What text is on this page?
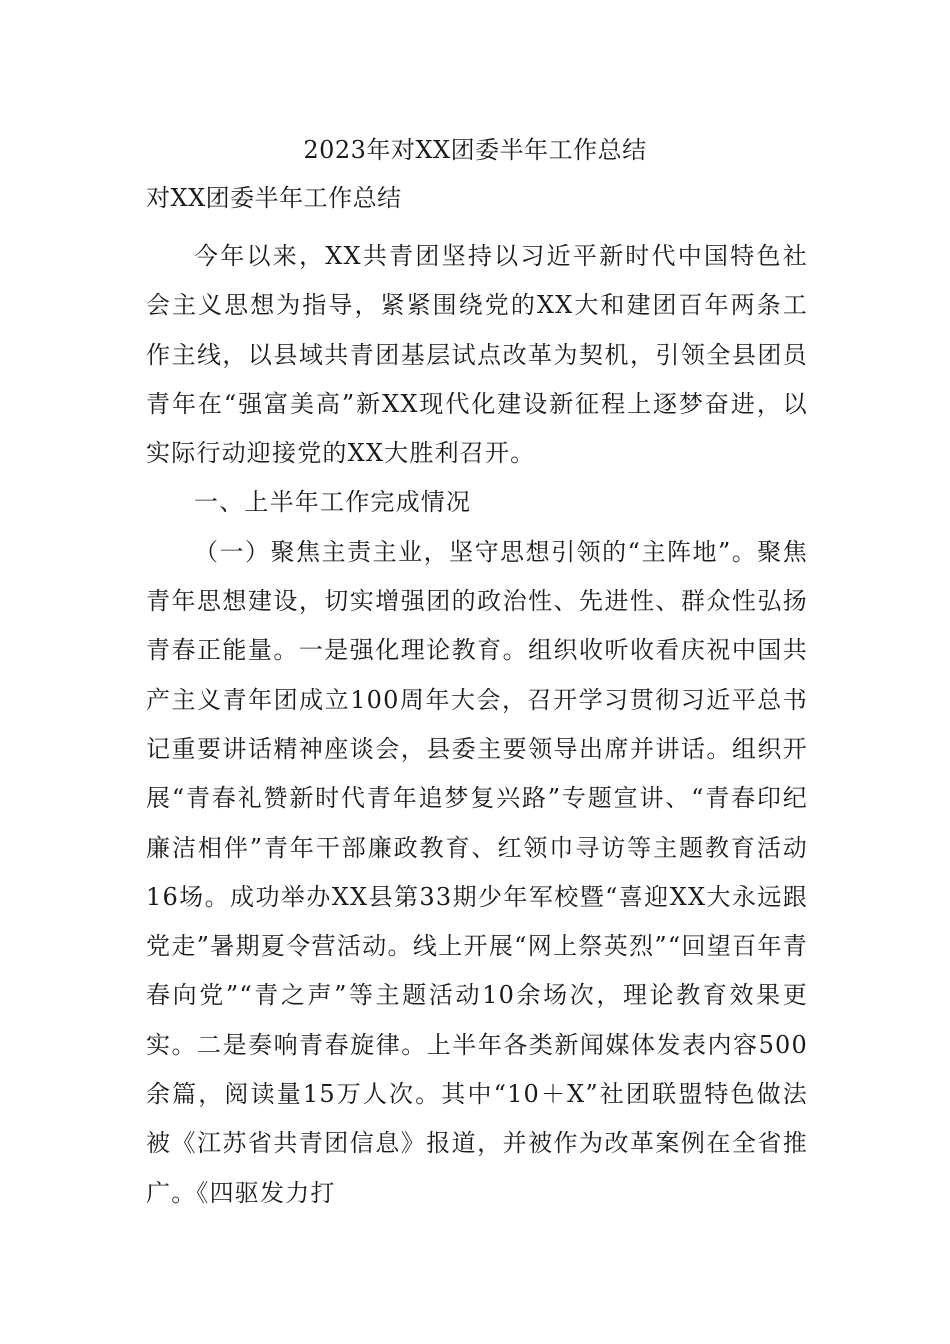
2023年对XX团委半年工作总结
对XX团委半年工作总结

今年以来，XX共青团坚持以习近平新时代中国特色社会主义思想为指导，紧紧围绕党的XX大和建团百年两条工作主线，以县域共青团基层试点改革为契机，引领全县团员青年在“强富美高”新XX现代化建设新征程上逐梦奋进，以实际行动迎接党的XX大胜利召开。

一、上半年工作完成情况

（一）聚焦主责主业，坚守思想引领的“主阵地”。聚焦青年思想建设，切实增强团的政治性、先进性、群众性弘扬青春正能量。一是强化理论教育。组织收听收看庆祝中国共产主义青年团成立100周年大会，召开学习贯彻习近平总书记重要讲话精神座谈会，县委主要领导出席并讲话。组织开展“青春礼赞新时代青年追梦复兴路”专题宣讲、“青春印纪廉洁相伴”青年干部廉政教育、红领巾寻访等主题教育活动16场。成功举办XX县第33期少年军校暨“喜迎XX大永远跟党走”暑期夏令营活动。线上开展“网上祭英烈”“回望百年青春向党”“青之声”等主题活动10余场次，理论教育效果更实。二是奏响青春旋律。上半年各类新闻媒体发表内容500余篇，阅读量15万人次。其中“10＋X”社团联盟特色做法被《江苏省共青团信息》报道，并被作为改革案例在全省推广。《四驱发力打
